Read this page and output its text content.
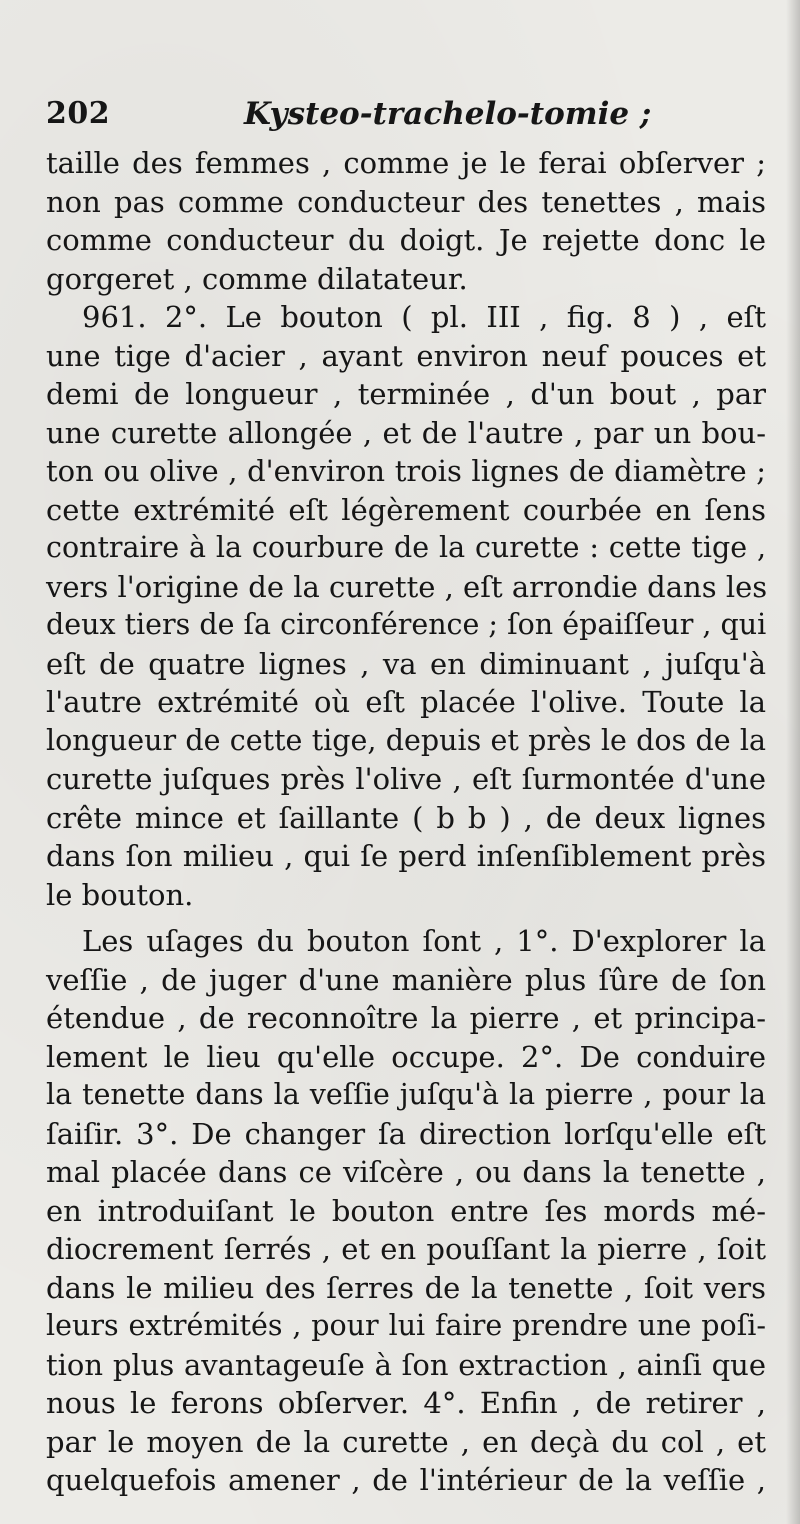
202	Kysteo-trachelo-tomie ;
taille des femmes , comme je le ferai obſerver ;
non pas comme conducteur des tenettes , mais
comme conducteur du doigt. Je rejette donc le
gorgeret , comme dilatateur.
961. 2°. Le bouton ( pl. III , fig. 8 ) , eſt
une tige d'acier , ayant environ neuf pouces et
demi de longueur , terminée , d'un bout , par
une curette allongée , et de l'autre , par un bou-
ton ou olive , d'environ trois lignes de diamètre ;
cette extrémité eſt légèrement courbée en ſens
contraire à la courbure de la curette : cette tige ,
vers l'origine de la curette , eſt arrondie dans les
deux tiers de ſa circonférence ; ſon épaiſſeur , qui
eſt de quatre lignes , va en diminuant , juſqu'à
l'autre extrémité où eſt placée l'olive. Toute la
longueur de cette tige, depuis et près le dos de la
curette juſques près l'olive , eſt ſurmontée d'une
crête mince et ſaillante ( b b ) , de deux lignes
dans ſon milieu , qui ſe perd inſenſiblement près
le bouton.
Les uſages du bouton ſont , 1°. D'explorer la
veſſie , de juger d'une manière plus ſûre de ſon
étendue , de reconnoître la pierre , et principa-
lement le lieu qu'elle occupe. 2°. De conduire
la tenette dans la veſſie juſqu'à la pierre , pour la
ſaiſir. 3°. De changer ſa direction lorſqu'elle eſt
mal placée dans ce viſcère , ou dans la tenette ,
en introduiſant le bouton entre ſes mords mé-
diocrement ſerrés , et en pouſſant la pierre , ſoit
dans le milieu des ſerres de la tenette , ſoit vers
leurs extrémités , pour lui faire prendre une poſi-
tion plus avantageuſe à ſon extraction , ainſi que
nous le ferons obſerver. 4°. Enfin , de retirer ,
par le moyen de la curette , en deçà du col , et
quelquefois amener , de l'intérieur de la veſſie ,
